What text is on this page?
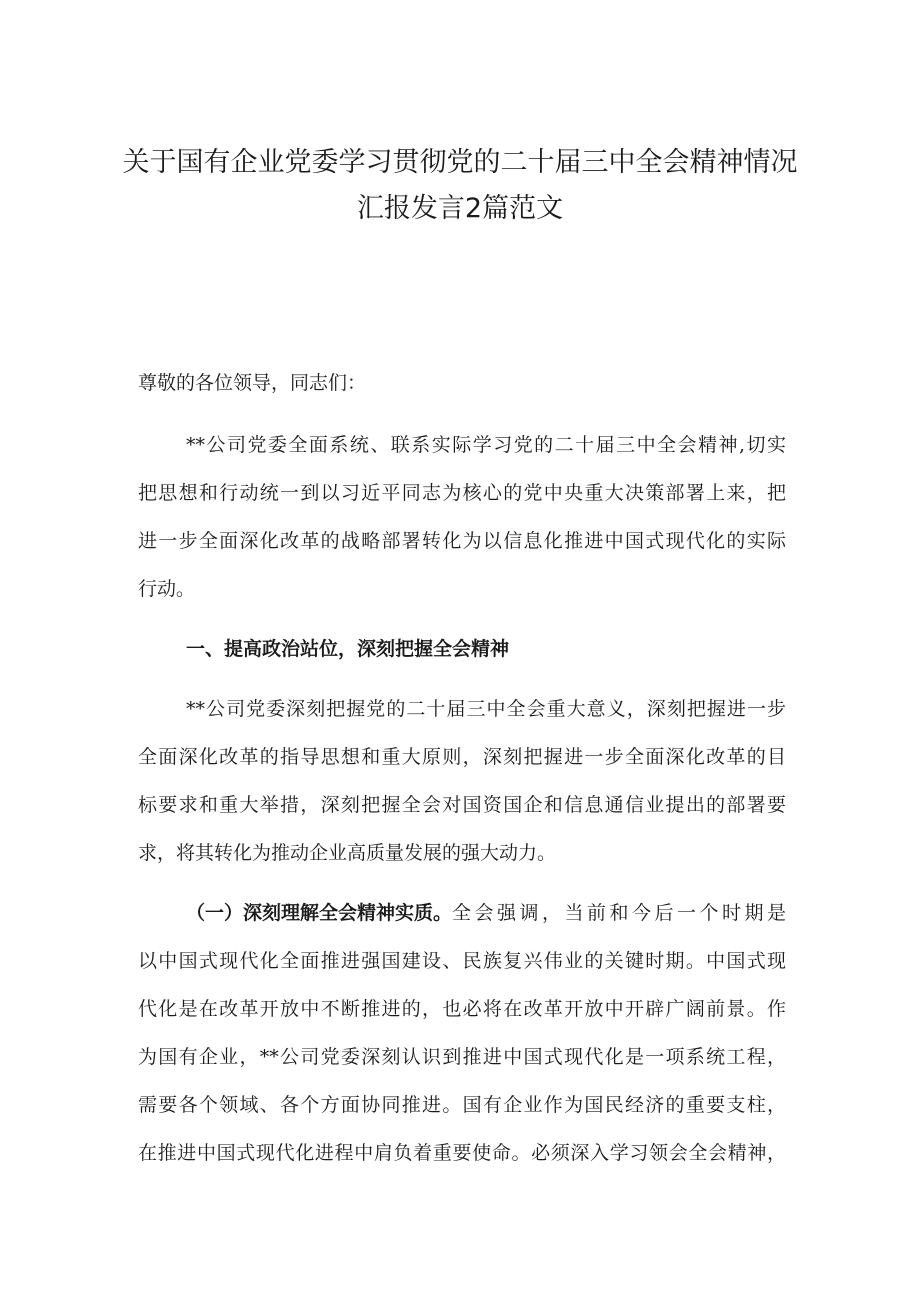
关于国有企业党委学习贯彻党的二十届三中全会精神情况
汇报发言2篇范文
尊敬的各位领导，同志们：
**公司党委全面系统、联系实际学习党的二十届三中全会精神,切实
把思想和行动统一到以习近平同志为核心的党中央重大决策部署上来，把
进一步全面深化改革的战略部署转化为以信息化推进中国式现代化的实际
行动。
一、提高政治站位，深刻把握全会精神
**公司党委深刻把握党的二十届三中全会重大意义，深刻把握进一步
全面深化改革的指导思想和重大原则，深刻把握进一步全面深化改革的目
标要求和重大举措，深刻把握全会对国资国企和信息通信业提出的部署要
求，将其转化为推动企业高质量发展的强大动力。
（一）深刻理解全会精神实质。 全会强调，当前和今后一个时期是
以中国式现代化全面推进强国建设、民族复兴伟业的关键时期。中国式现
代化是在改革开放中不断推进的，也必将在改革开放中开辟广阔前景。作
为国有企业，**公司党委深刻认识到推进中国式现代化是一项系统工程，
需要各个领域、各个方面协同推进。国有企业作为国民经济的重要支柱，
在推进中国式现代化进程中肩负着重要使命。必须深入学习领会全会精神，
